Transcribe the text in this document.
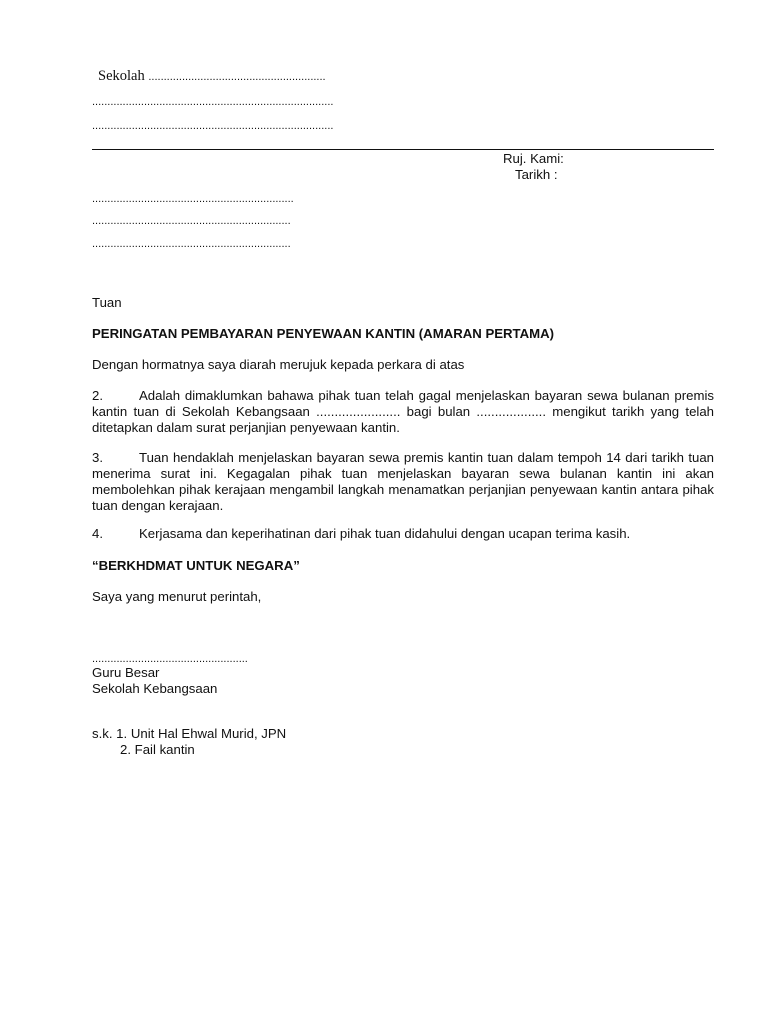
Sekolah ..........................................................
...............................................................................
...............................................................................
Ruj. Kami:
Tarikh :
..................................................................
.................................................................
.................................................................
Tuan
PERINGATAN PEMBAYARAN PENYEWAAN KANTIN (AMARAN PERTAMA)
Dengan hormatnya saya diarah merujuk kepada perkara di atas
2.	Adalah dimaklumkan bahawa pihak tuan telah gagal menjelaskan bayaran sewa bulanan premis kantin tuan di Sekolah Kebangsaan ....................... bagi bulan ................... mengikut tarikh yang telah ditetapkan dalam surat perjanjian penyewaan kantin.
3.	Tuan hendaklah menjelaskan bayaran sewa premis kantin tuan dalam tempoh 14 dari tarikh tuan menerima surat ini. Kegagalan pihak tuan menjelaskan bayaran sewa bulanan kantin ini akan membolehkan pihak kerajaan mengambil langkah menamatkan perjanjian penyewaan kantin antara pihak tuan dengan kerajaan.
4.	Kerjasama dan keperihatinan dari pihak tuan didahului dengan ucapan terima kasih.
“BERKHDMAT UNTUK NEGARA”
Saya yang menurut perintah,
...................................................
Guru Besar
Sekolah Kebangsaan
s.k. 1. Unit Hal Ehwal Murid, JPN
2. Fail kantin
